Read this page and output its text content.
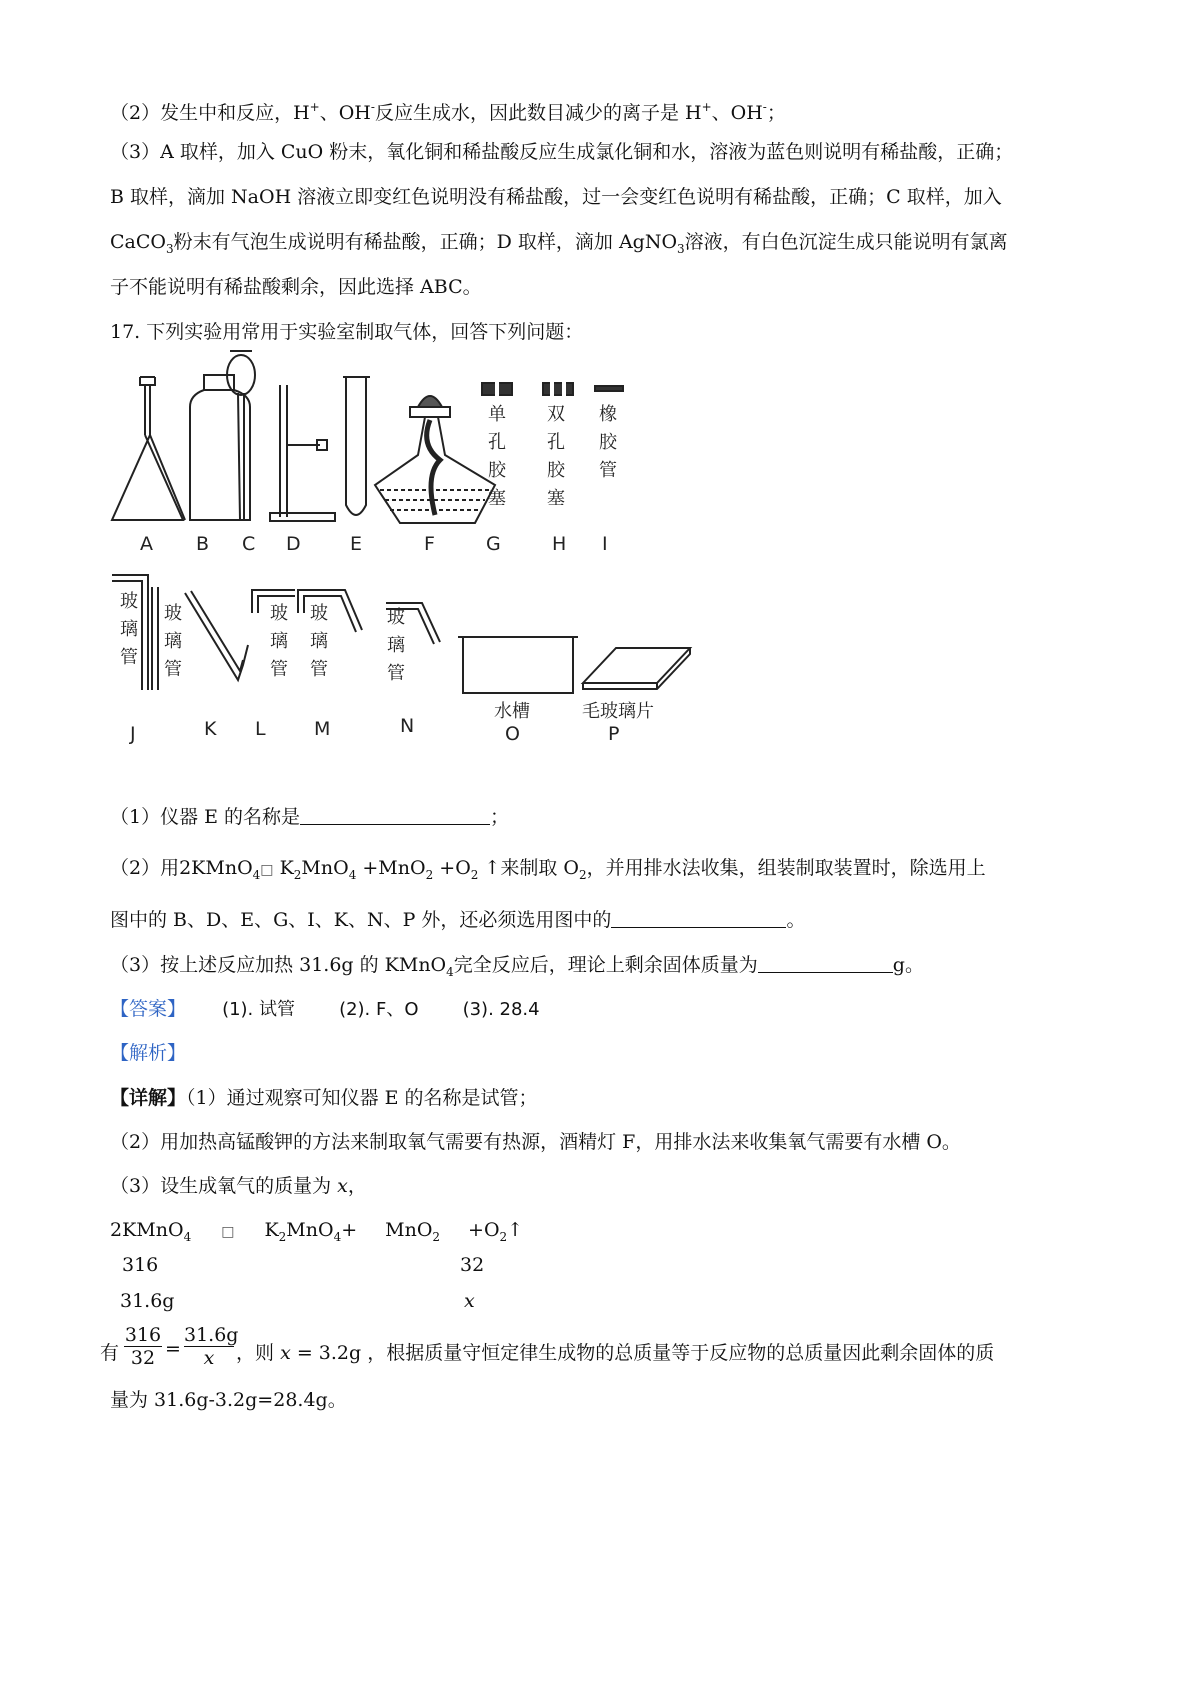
（2）发生中和反应，H+、OH-反应生成水，因此数目减少的离子是 H+、OH-；
（3）A 取样，加入 CuO 粉末，氧化铜和稀盐酸反应生成氯化铜和水，溶液为蓝色则说明有稀盐酸，正确；
B 取样，滴加 NaOH 溶液立即变红色说明没有稀盐酸，过一会变红色说明有稀盐酸，正确；C 取样，加入
CaCO$_3$粉末有气泡生成说明有稀盐酸，正确；D 取样，滴加 AgNO$_3$溶液，有白色沉淀生成只能说明有氯离
子不能说明有稀盐酸剩余，因此选择 ABC。
17. 下列实验用常用于实验室制取气体，回答下列问题：
单
孔
胶
塞
双
孔
胶
塞
橡
胶
管
A B C D	E	F	G	H I
玻
璃
管
玻
璃
管
玻
璃
管
玻
璃
管
玻
璃
管
水槽	毛玻璃片
J	K L	M	N	O	P
（1）仪器 E 的名称是	；
（2）用2KMnO$_4$□ $K_2MnO_4 +MnO_2 +O_2$ ↑来制取 $O_2$，并用排水法收集，组装制取装置时，除选用上
图中的 B、D、E、G、I、K、N、P 外，还必须选用图中的	。
（3）按上述反应加热 31.6g 的 KMnO$_4$完全反应后，理论上剩余固体质量为	g。
【答案】 (1). 试管 (2). F、O (3). 28.4
【解析】
【详解】（1）通过观察可知仪器 E 的名称是试管；
（2）用加热高锰酸钾的方法来制取氧气需要有热源，酒精灯 F，用排水法来收集氧气需要有水槽 O。
（3）设生成氧气的质量为 x，
2KMnO$_4$ □ $K_2MnO_4+ MnO_2$ $+O_2↑$
316	32
31.6g	x
有 $\frac{316}{32} = \frac{31.6g}{x}$ ，则 x = 3.2g ，根据质量守恒定律生成物的总质量等于反应物的总质量因此剩余固体的质
量为 31.6g-3.2g=28.4g。
